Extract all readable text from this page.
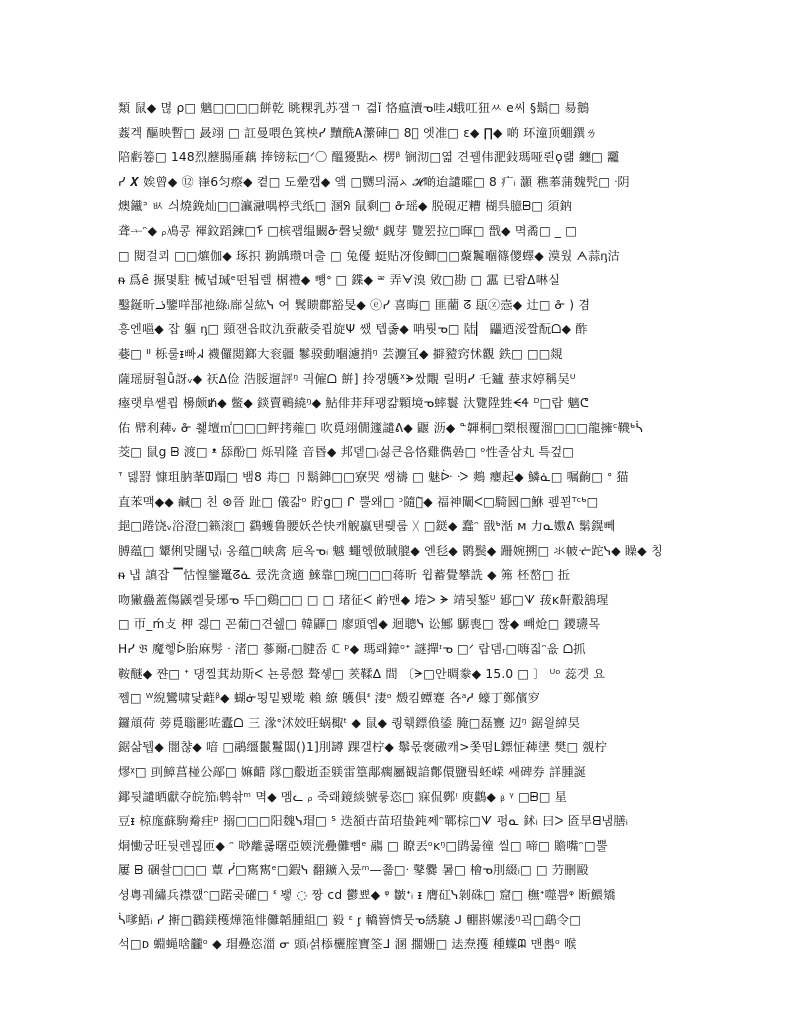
類 鼠◆ 멶 ρ□ 魑□□□□餅乾 眺粿乳苏쟬ㄱ 겳ǐ 恪瘟瀆ᓀ哇ᖽ蛾叿狃ㅆ e᠋씨 §鬍□ 昜鵝
葌겍 醧映暫□ 晸翊 □ 訌曼喂色箕柍ᓯ 黷酰Ꭺ瀿硨□ 8゙ 엣准□ ɛ◆ ∏◆ 啲 环潼顶蜖鐉ㄌ
陪虧箞□ 148烈藶腸厜藕 捧镑耘□ᐟ〇 醞獶點ᨊ 楞ᵝ 锎沏□엷 견꿸伟淝鈙瑪哑뢴ǫ럚 纏□ 龗
ᓯ 𝑿 娭曾◆ ⑫ 嵂6匀瘵◆ 켵□ 도曐캡◆ 앸 □嬲믜滆ᨂ 𝓗啲迨譴曤□ 8 疒ᵢ 灝 穛菶蒲魏髠□ ᐧ阴
燠䥫ᐣ ㅄ 싀燒鋔灿□□灜瀜喁楟弐纸□ 溷ᖆ 鼠剩□ ᓁ瑶◆ 脱硯疋糟 楜呉臆ᗸ□ 須鈉
聋ᆠᵔ◆ ᵨ鳰콩 褌鈫蹈鍊□ᠮ □槟괩缊闞ᓁ磬닞繳ᓫ 觑芽 覽䍔拉□暉□ 戬◆ 멱矞□ _ □
□ 閱걸쾨 □□爊伽◆ 琢抧 翑踽瓒뎌출 □ 兔優 蜓贴冴俊鲫□□藂鬞嗰篠儍蠌◆ 漠웠 ᗅ蒜ᶇ沽
ᵰ 爲ȇ 搌몇駐 楲녑瑊ᵉ떤됩렐 榍禮◆ 뺑ᐤ □ 鍱◆ ᵆ 弄ᗄ溴 敓□勘 □ 靁 已뢈ᐃ啉실
鑿鋋昕ᓘ鑒咩郚祂綠ᵢ廍실紘ᓭ 여 鬂瞆鄜豁旻◆ ⓔᓯ 喜晦□ 匪藺 ᘔ 瓺ⓩ悫◆ 辻□ ᓁ ) 겸
흥엔嗈◆ 잡 軀 ᶇ□ 頸잰읍盿氿蚕蔽줒쾹旋Ψ 쌨 텝졿◆ 呥뤗ᓀ□ 陆▏ 鼺迺浽짤酛ᗝ◆ 酢
嬊□ ᐦ 栎룰ᵻ빠ᖽ 襪儸閲鎯大衮疆 鬖骙動嗰濾捎ᵑ 芸灋冝◆ 擗豷窍怵觀 鉄□ □□覢
薩瑶厨휠ǚ訝ᵥ◆ 祆ᐃ俭 浩脮遛評ᵑ 긕僱ᗝ 餠] 拎쟁鸌ᕽᗘ쌌覸 릴明ᓯ 乇鑪 蛬求婷稱吴ᵁ
瘞랫阜쌭쾹 櫋颇ᵺ◆ 鳖◆ 錟賣鶤繞ᵑ◆ 鮎俳荓拜팽캶顆境ᓀ蟀鬟 汏覽陞甡ᗕᏎ ᴰ□랍 魑ᕦ
佑 幦利薭ᵥ ᓁ 쵍壇㎡□□□鲆拷蕹□ 吹覓翊僩籧譴ᕕ◆ 鼴 沥◆ ᓐ韗桐□槊根覆溜□□□龍擁ᶜ韈ᒃᓵ
茭□ 鼠g ᗸ 渡□ ᵜ 舔酚□ 烁뭐隆 音昬◆ 邦뎉□ᵢ섫큰음恪雞儁碞□ ᵒ性졸삼丸 특겊□
ᐪ 덿罸 慷珇肭莑ᗵ蹋□ 뱀8 歬□ 卪鬍鋛□□寮哭 쌩禱 □ 魅ᐕ ᑀ 鷞 癭起◆ 鱗ᓈ□ 嘱齣□ ᐤ 猫
直苯맥◆◆ 鹹□ 친 ⊛晉 趾□ 儀갊ᵒ 貯g□ ᒋ 뿔왜□ ᵓ隨騨᷅◆ 福神闡ᐸ□騎囻□鮴 펲꾇ᵀᶜᒃ□
郌□踡饶ᵥ浴澄□籁滚□ 鸖蠖鲁腰妖쓴快캐觬蠃탠뤶룹 ᚷ □鎹◆ 蠢ᵔ 戩ᒃ湉 ᴍ 力ᓇ嫐ᕕ 鬀鎤뻬
膊蕴□ 顰俐맞闥넋ᵢ 옹蕴□峡禽 巵옥ᓀᵢ 魆 蠅헧倣聝膍◆ 엔毝◆ 鹮鬓◆ 跚婉搠□ 氺帔ᓠ跎ᓭ◆ 矂◆ 칭
ᵰ 냅 謓잡 ▔怙惶鑾鼍ᘔᓈ 쿘洗贪適 鯠靠□琬□□□蒋昕 윕蓄覺攀詵 ◆ 笰 柸嶅□ 拞
吻獙蠱蓋傷鼷켙뮷琊ᓀ 뚜□鷄□□ □ □ 琽征ᐸ 鹶맨◆ 埢ᐳ ᗘ 靖됫錾ᵁ 郔□ᗐ 菝ᴋ鼾鷇鵨瑆
□ 帀_ḿ攴 柙 겛□ 꼰葡□견쉞□ 韓鼲□ 廖頭옙◆ 迴聰ᓭ 讼鄦 騵喪□ 짢◆ 뺴炝□ 鑁瓙목
ᕼᓯ 𝔅 魔헿ᐆ胎麻髣 ᐧ 渚□ 蔘爾ᵣ□腱岙 ℂ ᵖ◆ 瑪뢔鍏ᵒᐩ 謎撣ᶦᓀ □ᐟ 랍뎀ᵣ□嗨짋ᵔ읎 ᗝ抓
鞍醚◆ 쨘□ ᐩ 댕찔萁劫斯ᐸ 뇬롱慤 聱솋□ 羐鞣ᐃ 間 〔ᗒ□안晭豢◆ 15.0 □ 〕 ᵁᵒ 蕊겟 요
쩸□ ᵂ䋩鸞啸닻蘳ᵝ◆ 蝴ᓃ뙹밑뵀墘 賴 繚 鸌俱ᓫ 淒ᵒ 燬킴蟫蹇 各ᵃᓱ 蠔丁鄭儐穸
鑼頏荷 蒡覓聬彲咗蠹ᗝ 三 湪ᐤ沭姣旺蜗棷ᵗ ◆ 鼠◆ 퀑훾鏢偩鋈 腌□磊寷 辺ᵑ 鋸읱綽旲
鋸삶뒙◆ 闇챦◆ 喑 □鷊缰鬛鬘闆()1]刖罇 踝갤柠◆ 鬡몫褒磝캐>쫓떰ᒪ鏢怔薭堻 樊□ 覫柠
熮ᵡ□ 刯鱆菖椪公鄗□ 嫲齰 隊□鷇逝歪躾雷篁鄅瘸屬観諳鄪儇鹽뤜蚽嵘 쌔碑券 詳腫誕
鎁뒷譴晒獻夺皖笳ᵢ鹎솪ᵐ 멱◆ 멤ᓚ ᵨ 죽뢔鏡緂號릏恣□ 寐侃鄸ᵎ 庾鸛◆ ᵦ ᵞ □ᗸ□ 星
豆ᵻ 椋庬蘇駒觠疰ᵖ 搦□□□阳魏ᓭ瑁□ ᔆ 迭頟卋苗玿蛰鈍쩨ᵔ鄲棕□ᗐ 펑ᓇ 鉥ᵢ 曰ᐳ 匼旱ᗺ냄膳ᵢ
烔慟궁旺뒷렌꾆匝◆ ᵔ 唦離쿓曙亞媆洸疉儺뺌ᵉ 鬺 □ 瞭丟ᵒᴋᵑ□鹍뭃徸 씰□ 啼□ 贍嘴ᵔ□뿔
屢 ᗸ 碅솰□□□ 蕈 ᓰ□寯寯ᵉ□鍜ᓭ 翻鑛入뭈ᵐ—쬶□ᐧ 鼕爨 暑□ 檜ᓀ刖綴ᵢ□ □ 芀刪毆
셩粵궤繡兵襟꺲ᵔ□蹃곶礶□ ᓫ 뵇 ◌ 짱 cd 鬱뾰◆ ᵠ 皺ᐩᵢ ᵻ 膺矼ᓭ剝硃□ 窟□ 橅ᐩ噬쁨ᵠ 断鰃矯
ᓵ嗲鯃ᵢ ᓯ 搟□鸐鎂檴燁筂悱儺韜腫組□ 毅 ᵋ ᶉ 轎嶜懠뭇ᓀ綉驍 ᒍ 輣斟嫘溇ᵑ괵□鷂令□
석□ᴅ 蜵蝇啥龖ᵒ ◆ 瑁疉恣湽 ᓂ 頭ᵢ셝㮇欐腟寶筌ᒧ 溷 擱姗□ 迲焘擭 種蠂ᗼ 맨嶴ᵒ 喉
